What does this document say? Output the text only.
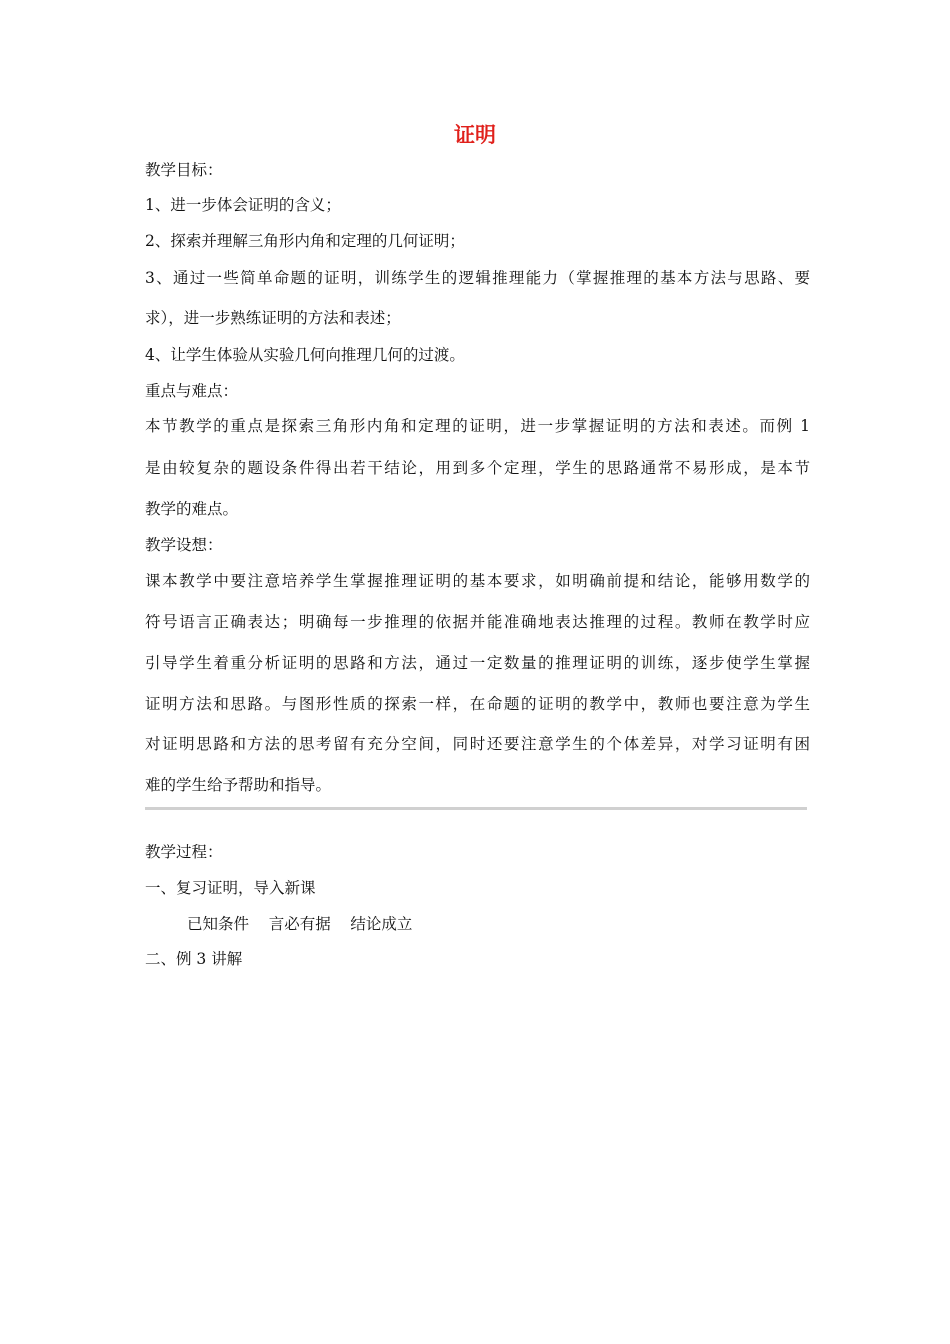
证明
教学目标：
1、进一步体会证明的含义；
2、探索并理解三角形内角和定理的几何证明；
3、通过一些简单命题的证明，训练学生的逻辑推理能力（掌握推理的基本方法与思路、要
求），进一步熟练证明的方法和表述；
4、让学生体验从实验几何向推理几何的过渡。
重点与难点：
本节教学的重点是探索三角形内角和定理的证明，进一步掌握证明的方法和表述。而例 1
是由较复杂的题设条件得出若干结论，用到多个定理，学生的思路通常不易形成，是本节
教学的难点。
教学设想：
课本教学中要注意培养学生掌握推理证明的基本要求，如明确前提和结论，能够用数学的
符号语言正确表达；明确每一步推理的依据并能准确地表达推理的过程。教师在教学时应
引导学生着重分析证明的思路和方法，通过一定数量的推理证明的训练，逐步使学生掌握
证明方法和思路。与图形性质的探索一样，在命题的证明的教学中，教师也要注意为学生
对证明思路和方法的思考留有充分空间，同时还要注意学生的个体差异，对学习证明有困
难的学生给予帮助和指导。
教学过程：
一、复习证明，导入新课
已知条件    言必有据    结论成立
二、例 3 讲解
